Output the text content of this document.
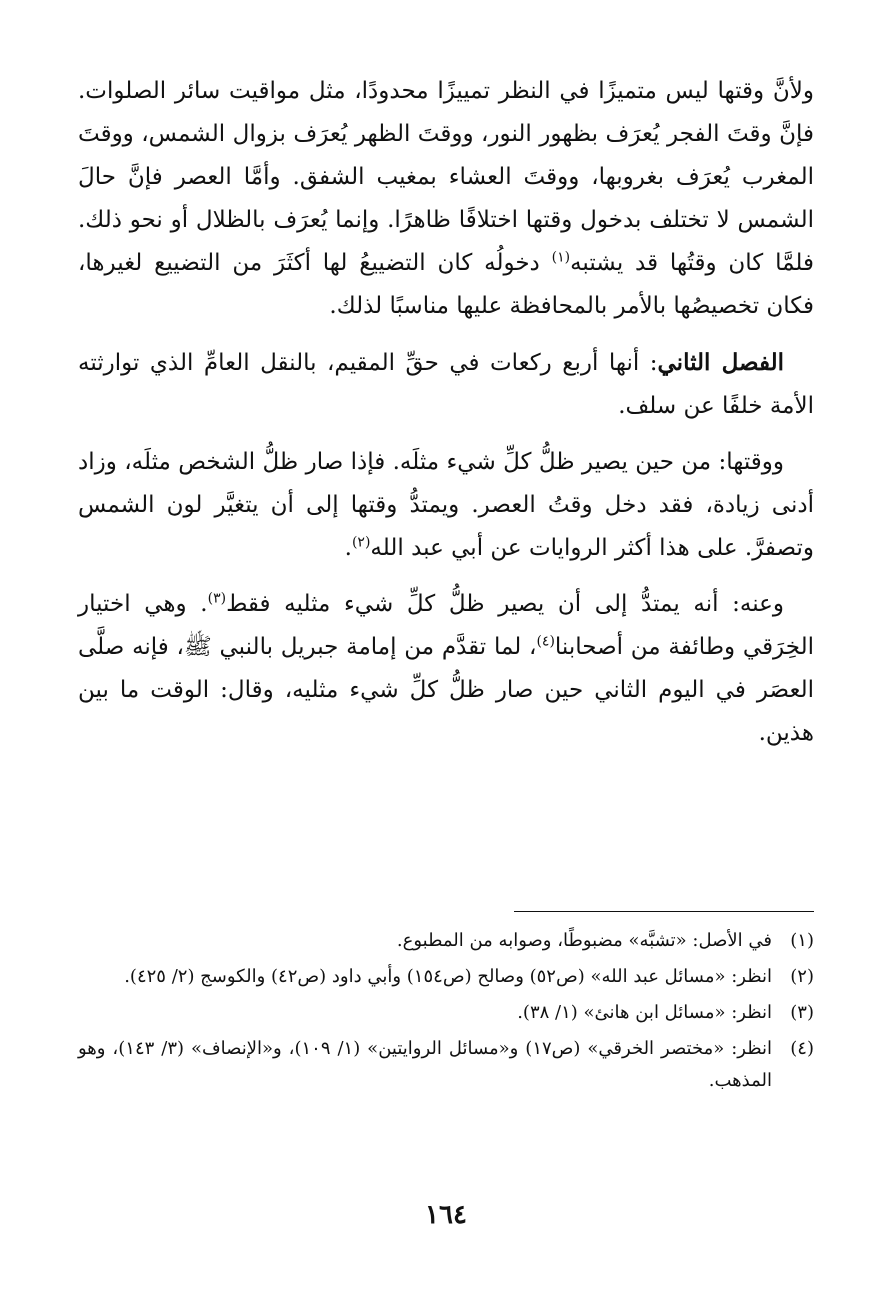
ولأنَّ وقتها ليس متميزًا في النظر تمييزًا محدودًا، مثل مواقيت سائر الصلوات. فإنَّ وقتَ الفجر يُعرَف بظهور النور، ووقتَ الظهر يُعرَف بزوال الشمس، ووقتَ المغرب يُعرَف بغروبها، ووقتَ العشاء بمغيب الشفق. وأمَّا العصر فإنَّ حالَ الشمس لا تختلف بدخول وقتها اختلافًا ظاهرًا. وإنما يُعرَف بالظلال أو نحو ذلك. فلمَّا كان وقتُها قد يشتبه$^{(١)}$ دخولُه كان التضييعُ لها أكثَرَ من التضييع لغيرها، فكان تخصيصُها بالأمر بالمحافظة عليها مناسبًا لذلك.

الفصل الثاني: أنها أربع ركعات في حقِّ المقيم، بالنقل العامِّ الذي توارثته الأمة خلفًا عن سلف.

ووقتها: من حين يصير ظلُّ كلِّ شيء مثلَه. فإذا صار ظلُّ الشخص مثلَه، وزاد أدنى زيادة، فقد دخل وقتُ العصر. ويمتدُّ وقتها إلى أن يتغيَّر لون الشمس وتصفرَّ. على هذا أكثر الروايات عن أبي عبد الله$^{(٢)}$.

وعنه: أنه يمتدُّ إلى أن يصير ظلُّ كلِّ شيء مثليه فقط$^{(٣)}$. وهي اختيار الخِرَقي وطائفة من أصحابنا$^{(٤)}$، لما تقدَّم من إمامة جبريل بالنبي ﷺ، فإنه صلَّى العصَر في اليوم الثاني حين صار ظلُّ كلِّ شيء مثليه، وقال: الوقت ما بين هذين.

(١)
في الأصل: «تشبَّه» مضبوطًا، وصوابه من المطبوع.
(٢)
انظر: «مسائل عبد الله» (ص٥٢) وصالح (ص١٥٤) وأبي داود (ص٤٢) والكوسج (٢/ ٤٢٥).
(٣)
انظر: «مسائل ابن هانئ» (١/ ٣٨).
(٤)
انظر: «مختصر الخرقي» (ص١٧) و«مسائل الروايتين» (١/ ١٠٩)، و«الإنصاف» (٣/ ١٤٣)، وهو المذهب.
١٦٤
